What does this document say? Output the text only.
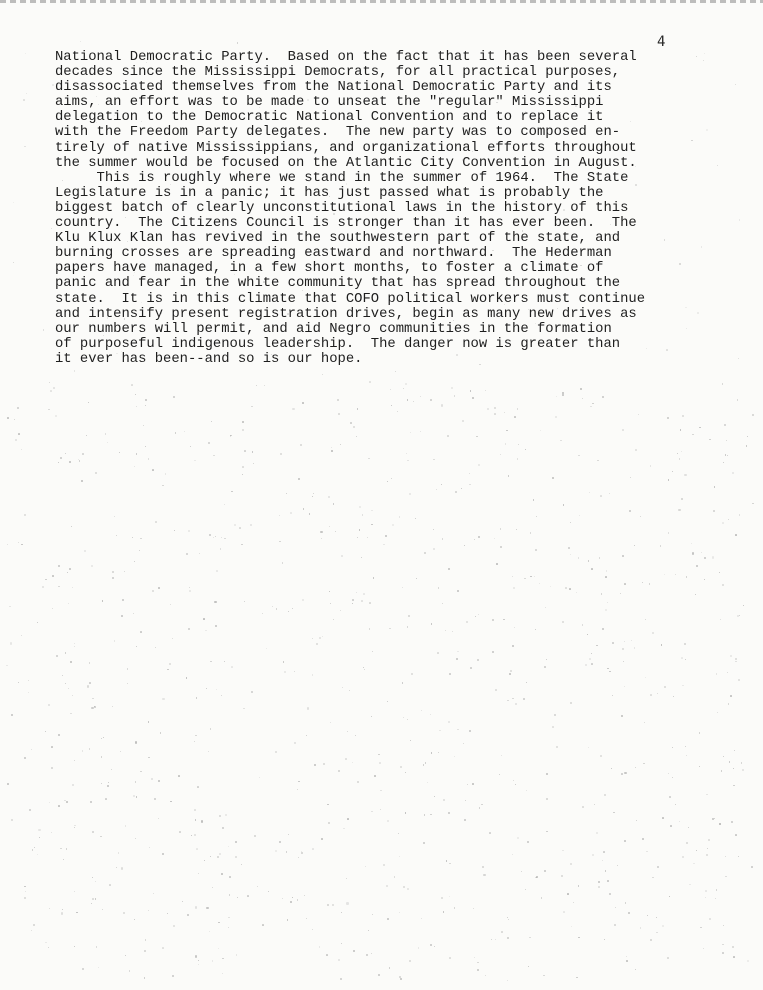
4
National Democratic Party.  Based on the fact that it has been several
decades since the Mississippi Democrats, for all practical purposes,
disassociated themselves from the National Democratic Party and its
aims, an effort was to be made to unseat the "regular" Mississippi
delegation to the Democratic National Convention and to replace it
with the Freedom Party delegates.  The new party was to composed en-
tirely of native Mississippians, and organizational efforts throughout
the summer would be focused on the Atlantic City Convention in August.
This is roughly where we stand in the summer of 1964.  The State
Legislature is in a panic; it has just passed what is probably the
biggest batch of clearly unconstitutional laws in the history of this
country.  The Citizens Council is stronger than it has ever been.  The
Klu Klux Klan has revived in the southwestern part of the state, and
burning crosses are spreading eastward and northward.  The Hederman
papers have managed, in a few short months, to foster a climate of
panic and fear in the white community that has spread throughout the
state.  It is in this climate that COFO political workers must continue
and intensify present registration drives, begin as many new drives as
our numbers will permit, and aid Negro communities in the formation
of purposeful indigenous leadership.  The danger now is greater than
it ever has been--and so is our hope.
